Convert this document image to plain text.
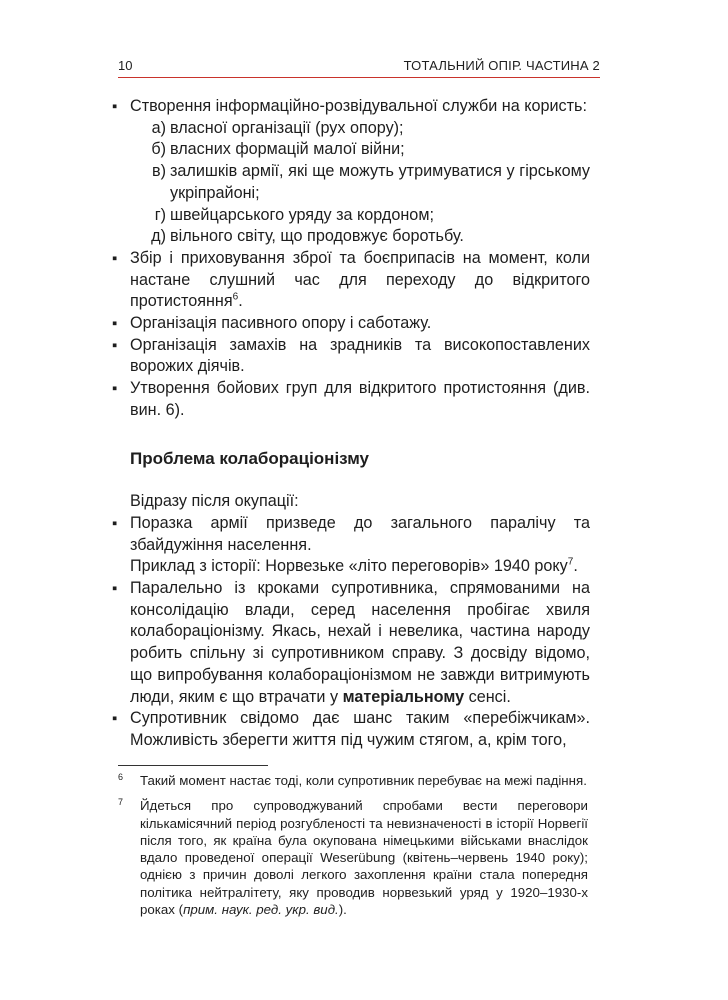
10	ТОТАЛЬНИЙ ОПІР. ЧАСТИНА 2
▪ Створення інформаційно-розвідувальної служби на користь:
а) власної організації (рух опору);
б) власних формацій малої війни;
в) залишків армії, які ще можуть утримуватися у гірському укріпрайоні;
г) швейцарського уряду за кордоном;
д) вільного світу, що продовжує боротьбу.
▪ Збір і приховування зброї та боєприпасів на момент, коли настане слушний час для переходу до відкритого протистояння$^6$.
▪ Організація пасивного опору і саботажу.
▪ Організація замахів на зрадників та високопоставлених ворожих діячів.
▪ Утворення бойових груп для відкритого протистояння (див. вин. 6).
Проблема колабораціонізму
Відразу після окупації:
▪ Поразка армії призведе до загального паралічу та збайдужіння населення.
Приклад з історії: Норвезьке «літо переговорів» 1940 року$^7$.
▪ Паралельно із кроками супротивника, спрямованими на консолідацію влади, серед населення пробігає хвиля колабораціонізму. Якась, нехай і невелика, частина народу робить спільну зі супротивником справу. З досвіду відомо, що випробування колабораціонізмом не завжди витримують люди, яким є що втрачати у матеріальному сенсі.
▪ Супротивник свідомо дає шанс таким «перебіжчикам». Можливість зберегти життя під чужим стягом, а, крім того,
6 Такий момент настає тоді, коли супротивник перебуває на межі падіння.
7 Йдеться про супроводжуваний спробами вести переговори кількамісячний період розгубленості та невизначеності в історії Норвегії після того, як країна була окупована німецькими військами внаслідок вдало проведеної операції Weserübung (квітень–червень 1940 року); однією з причин доволі легкого захоплення країни стала попередня політика нейтралітету, яку проводив норвезький уряд у 1920–1930-х роках (прим. наук. ред. укр. вид.).
